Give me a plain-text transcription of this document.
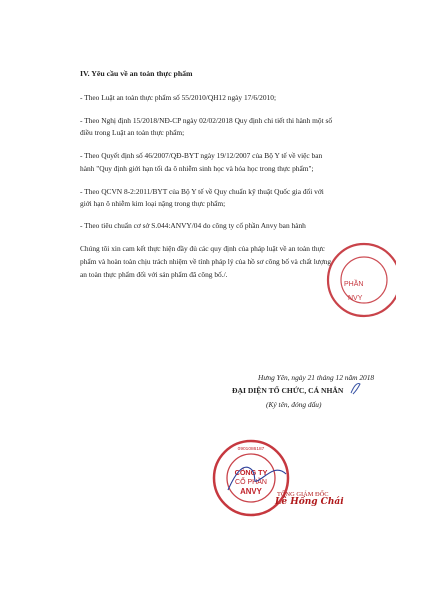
IV. Yêu cầu về an toàn thực phẩm
- Theo Luật an toàn thực phẩm số 55/2010/QH12 ngày 17/6/2010;
- Theo Nghị định 15/2018/NĐ-CP ngày 02/02/2018 Quy định chi tiết thi hành một số
điều trong Luật an toàn thực phẩm;
- Theo Quyết định số 46/2007/QĐ-BYT ngày 19/12/2007 của Bộ Y tế về việc ban
hành "Quy định giới hạn tối đa ô nhiễm sinh học và hóa học trong thực phẩm";
- Theo QCVN 8-2:2011/BYT của Bộ Y tế về Quy chuẩn kỹ thuật Quốc gia đối với
giới hạn ô nhiễm kim loại nặng trong thực phẩm;
- Theo tiêu chuẩn cơ sở S.044:ANVY/04 do công ty cổ phần Anvy ban hành
Chúng tôi xin cam kết thực hiện đầy đủ các quy định của pháp luật về an toàn thực
phẩm và hoàn toàn chịu trách nhiệm về tính pháp lý của hồ sơ công bố và chất lượng
an toàn thực phẩm đối với sản phẩm đã công bố./.
PHẦN
NVY
Hưng Yên, ngày 21 tháng 12 năm 2018
ĐẠI DIỆN TỔ CHỨC, CÁ NHÂN
(Ký tên, đóng dấu)
CÔNG TY
CỔ PHẦN
ANVY
0901086187
TỔNG GIÁM ĐỐC
Lê Hồng Chái
